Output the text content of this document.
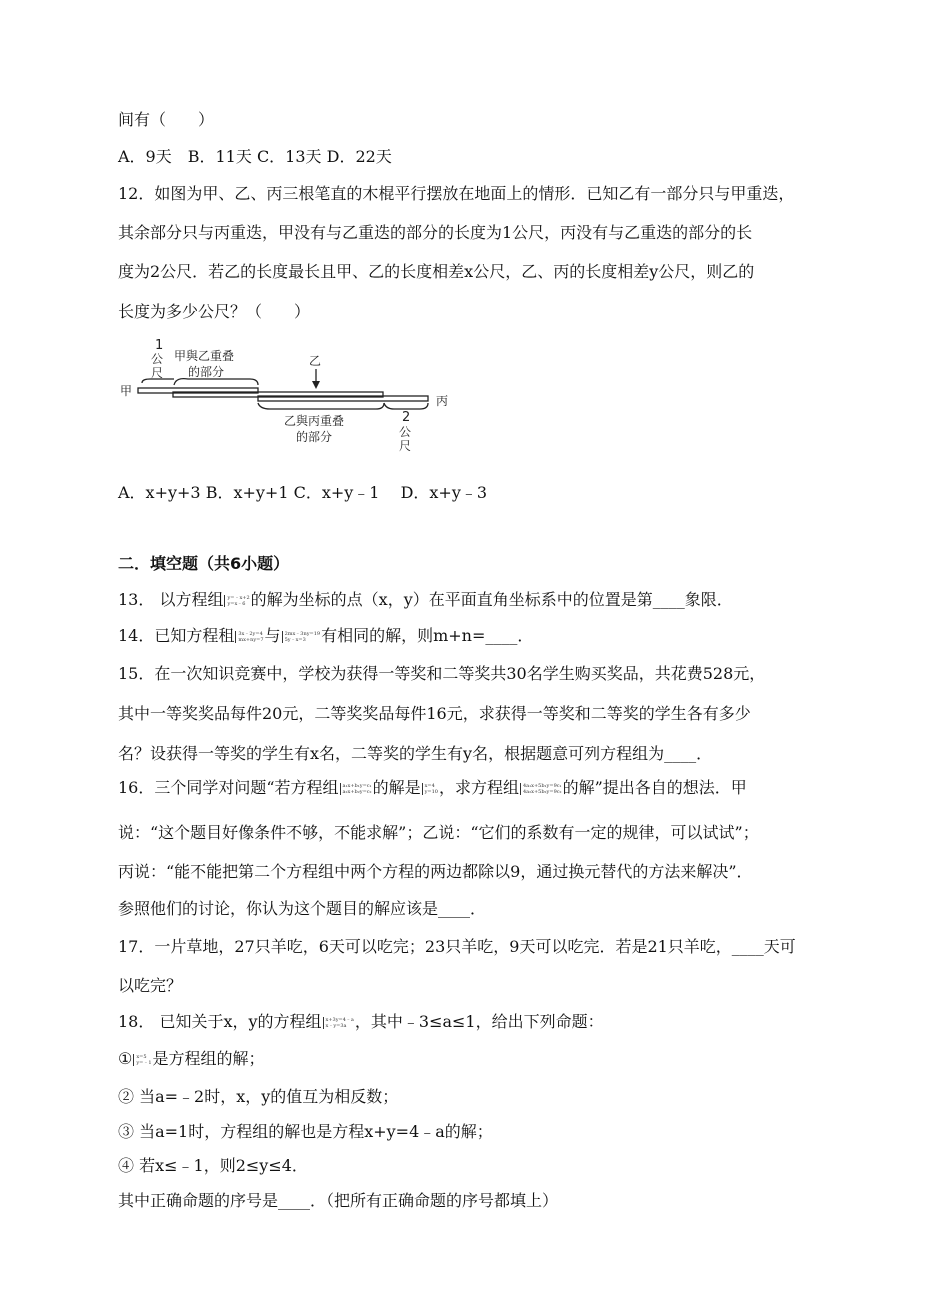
间有（　　）
A．9天　B．11天 C．13天 D．22天
12．如图为甲、乙、丙三根笔直的木棍平行摆放在地面上的情形．已知乙有一部分只与甲重迭，
其余部分只与丙重迭，甲没有与乙重迭的部分的长度为1公尺，丙没有与乙重迭的部分的长
度为2公尺．若乙的长度最长且甲、乙的长度相差x公尺，乙、丙的长度相差y公尺，则乙的
长度为多少公尺？（　　）
甲
丙
乙
1
公
尺
甲與乙重叠
的部分
乙與丙重叠
的部分
2
公
尺
A．x+y+3 B．x+y+1 C．x+y﹣1　 D．x+y﹣3
二．填空题（共6小题）
13． 以方程组 y=﹣x+2
y=x﹣6 的解为坐标的点（x，y）在平面直角坐标系中的位置是第____象限．
14．已知方程租 3x﹣2y=4
mx+ny=7与 2mx﹣3ny=19
5y﹣x=3 有相同的解，则m+n=____．
15．在一次知识竞赛中，学校为获得一等奖和二等奖共30名学生购买奖品，共花费528元，
其中一等奖奖品每件20元，二等奖奖品每件16元，求获得一等奖和二等奖的学生各有多少
名？设获得一等奖的学生有x名，二等奖的学生有y名，根据题意可列方程组为____．
16．三个同学对问题“若方程组 a₁x+b₁y=c₁
a₂x+b₂y=c₂的解是 x=4
y=10，求方程组 4a₁x+5b₁y=9c₁
4a₂x+5b₂y=9c₂的解”提出各自的想法．甲
说：“这个题目好像条件不够，不能求解”；乙说：“它们的系数有一定的规律，可以试试”；
丙说：“能不能把第二个方程组中两个方程的两边都除以9，通过换元替代的方法来解决”．
参照他们的讨论，你认为这个题目的解应该是____．
17．一片草地，27只羊吃，6天可以吃完；23只羊吃，9天可以吃完．若是21只羊吃，____天可
以吃完？
18． 已知关于x，y的方程组 x+3y=4﹣a
x﹣y=3a ，其中﹣3≤a≤1，给出下列命题：
① x=5
y=﹣1是方程组的解；
② 当a=﹣2时，x，y的值互为相反数；
③ 当a=1时，方程组的解也是方程x+y=4﹣a的解；
④ 若x≤﹣1，则2≤y≤4．
其中正确命题的序号是____．（把所有正确命题的序号都填上）
